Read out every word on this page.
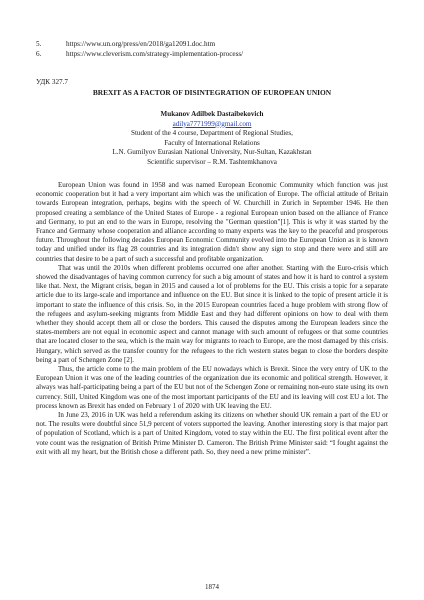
5.	https://www.un.org/press/en/2018/ga12091.doc.htm
6.	https://www.cleverism.com/strategy-implementation-process/
УДК 327.7
BREXIT AS A FACTOR OF DISINTEGRATION OF EUROPEAN UNION
Mukanov Adilbek Dastaibekovich
adilya7771999@gmail.com
Student of the 4 course, Department of Regional Studies,
Faculty of International Relations
L.N. Gumilyov Eurasian National University, Nur-Sultan, Kazakhstan
Scientific supervisor – R.M. Tashtemkhanova

European Union was found in 1958 and was named European Economic Community which function was just economic cooperation but it had a very important aim which was the unification of Europe. The official attitude of Britain towards European integration, perhaps, begins with the speech of W. Churchill in Zurich in September 1946. He then proposed creating a semblance of the United States of Europe - a regional European union based on the alliance of France and Germany, to put an end to the wars in Europe, resolving the "German question"[1]. This is why it was started by the France and Germany whose cooperation and alliance according to many experts was the key to the peaceful and prosperous future. Throughout the following decades European Economic Community evolved into the European Union as it is known today and unified under its flag 28 countries and its integration didn't show any sign to stop and there were and still are countries that desire to be a part of such a successful and profitable organization.

That was until the 2010s when different problems occurred one after another. Starting with the Euro-crisis which showed the disadvantages of having common currency for such a big amount of states and how it is hard to control a system like that. Next, the Migrant crisis, began in 2015 and caused a lot of problems for the EU. This crisis a topic for a separate article due to its large-scale and importance and influence on the EU. But since it is linked to the topic of present article it is important to state the influence of this crisis. So, in the 2015 European countries faced a huge problem with strong flow of the refugees and asylum-seeking migrants from Middle East and they had different opinions on how to deal with them whether they should accept them all or close the borders. This caused the disputes among the European leaders since the states-members are not equal in economic aspect and cannot manage with such amount of refugees or that some countries that are located closer to the sea, which is the main way for migrants to reach to Europe, are the most damaged by this crisis. Hungary, which served as the transfer country for the refugees to the rich western states began to close the borders despite being a part of Schengen Zone [2].

Thus, the article come to the main problem of the EU nowadays which is Brexit. Since the very entry of UK to the European Union it was one of the leading countries of the organization due its economic and political strength. However, it always was half-participating being a part of the EU but not of the Schengen Zone or remaining non-euro state using its own currency. Still, United Kingdom was one of the most important participants of the EU and its leaving will cost EU a lot. The process known as Brexit has ended on February 1 of 2020 with UK leaving the EU.

In June 23, 2016 in UK was held a referendum asking its citizens on whether should UK remain a part of the EU or not. The results were doubtful since 51,9 percent of voters supported the leaving. Another interesting story is that major part of population of Scotland, which is a part of United Kingdom, voted to stay within the EU. The first political event after the vote count was the resignation of British Prime Minister D. Cameron. The British Prime Minister said: “I fought against the exit with all my heart, but the British chose a different path. So, they need a new prime minister”.

1874
